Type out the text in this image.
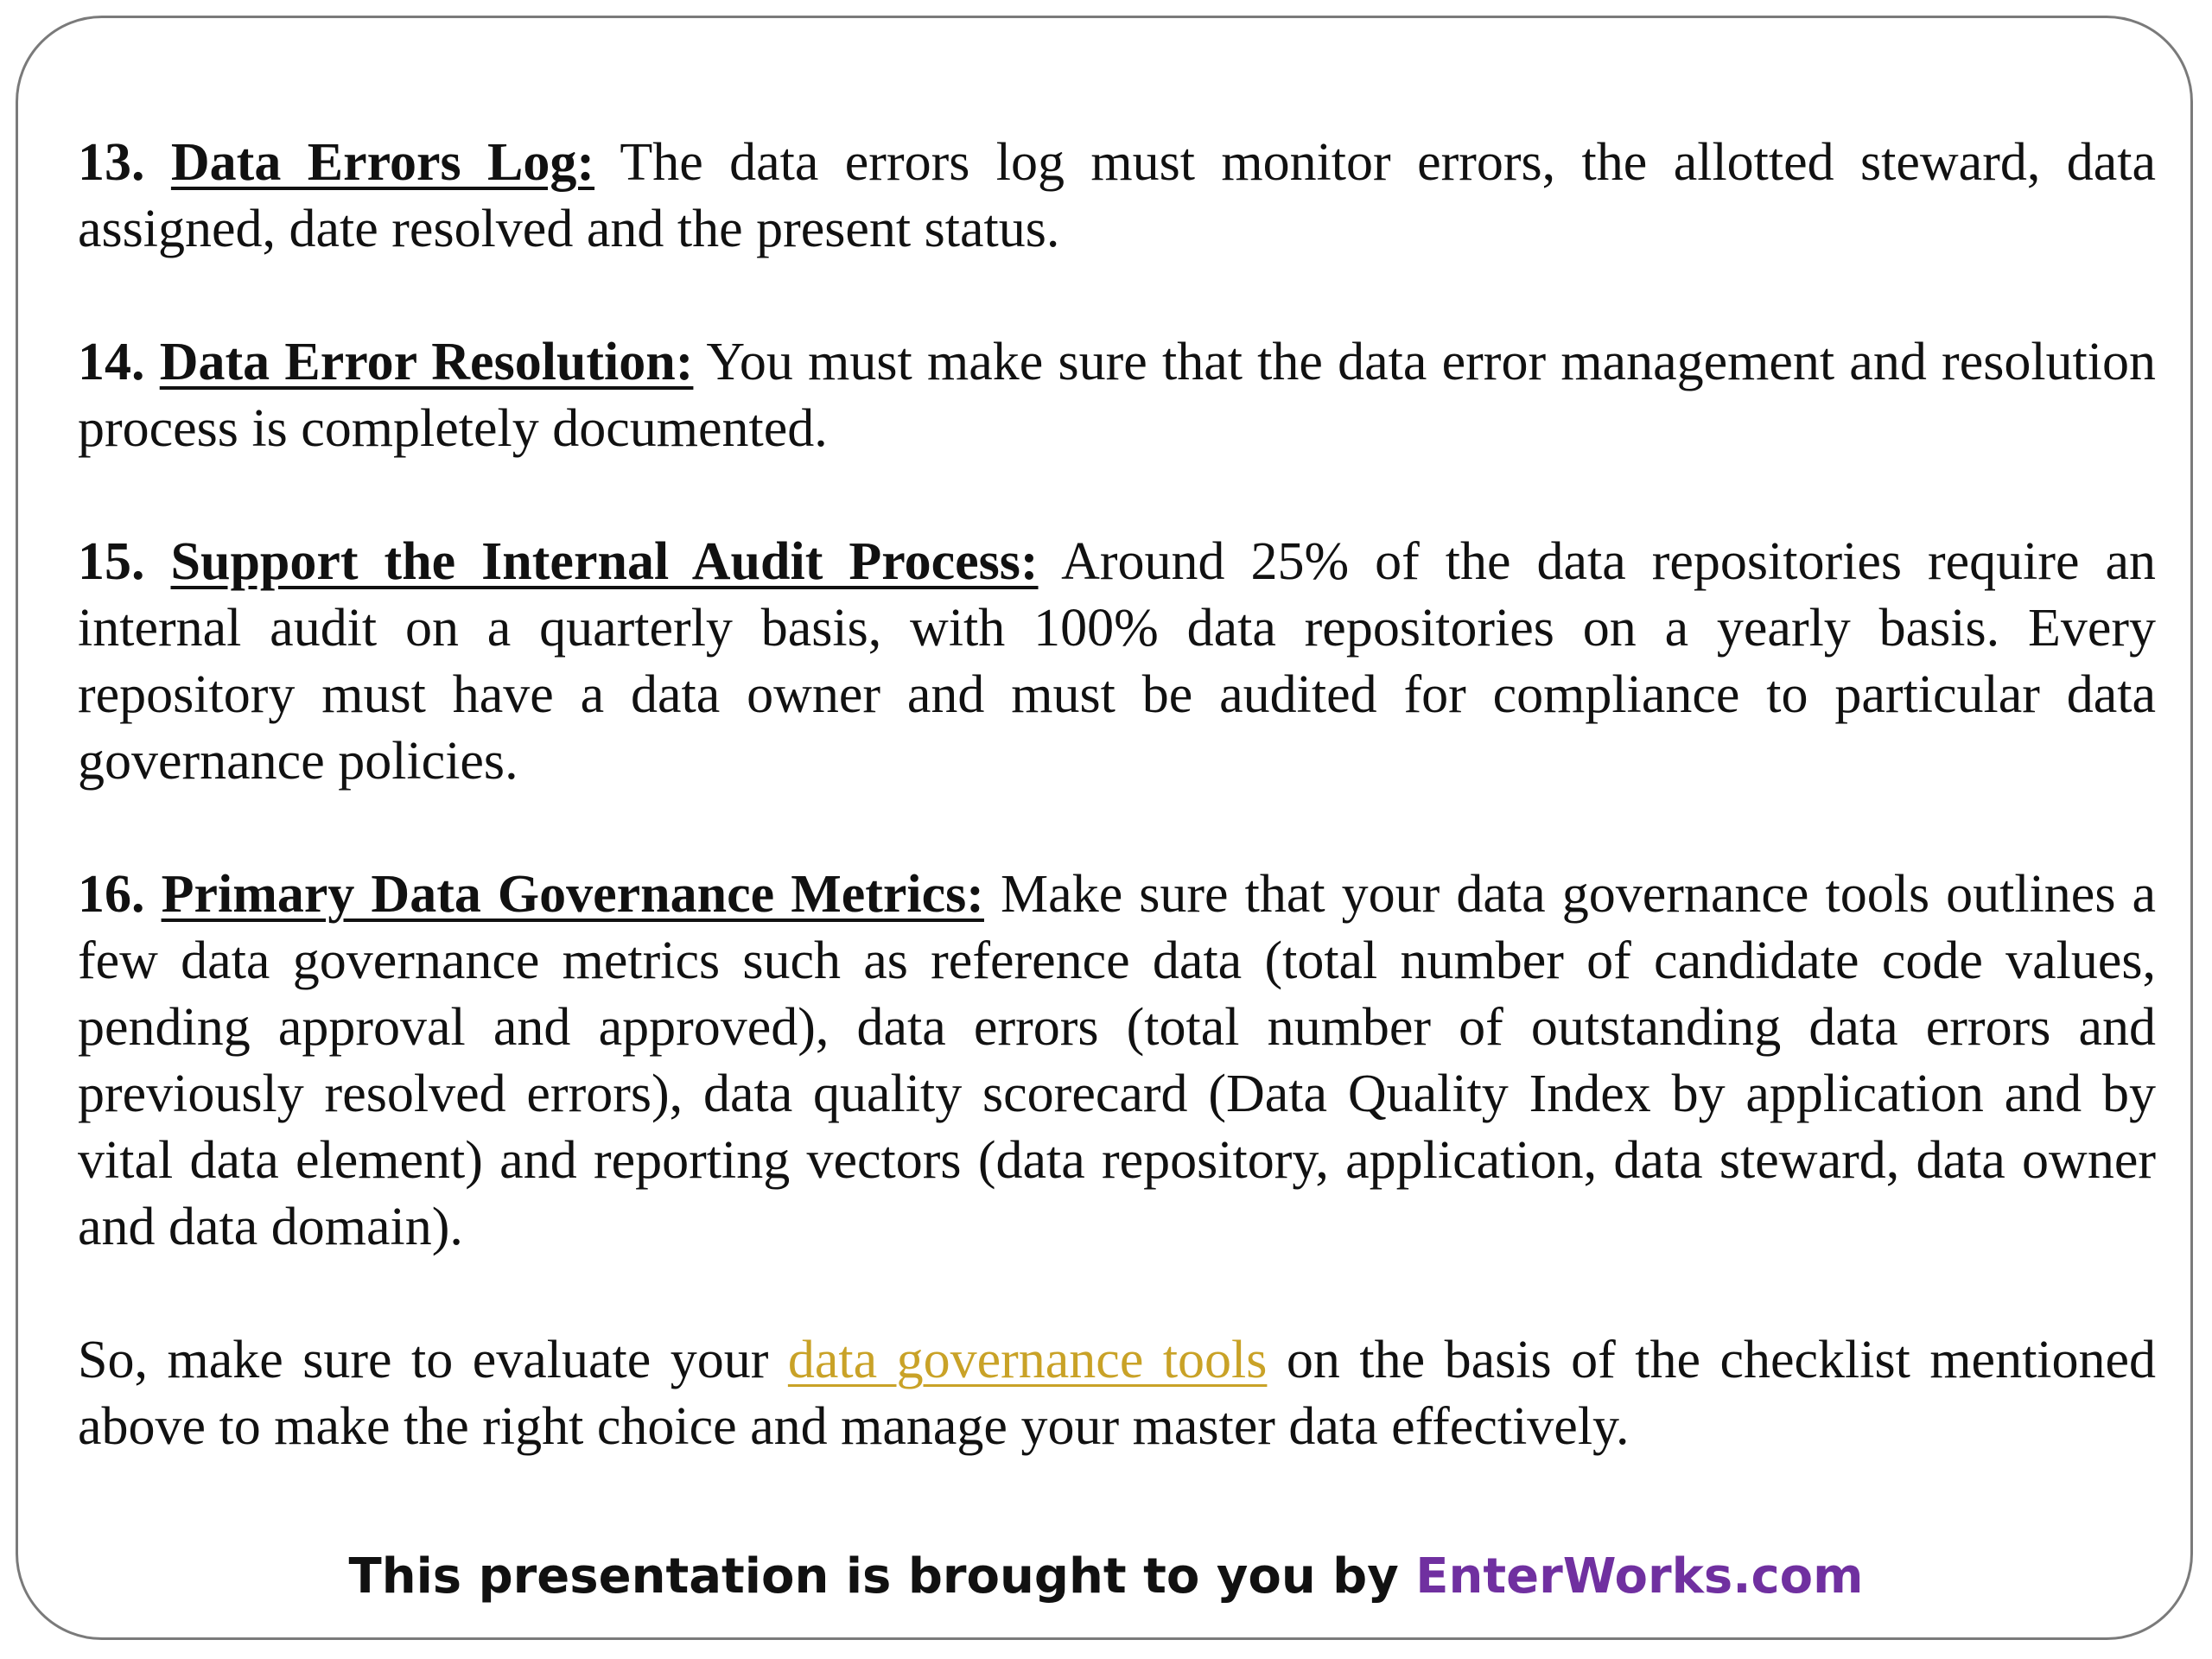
13. Data Errors Log: The data errors log must monitor errors, the allotted steward, data assigned, date resolved and the present status.

14. Data Error Resolution: You must make sure that the data error management and resolution process is completely documented.

15. Support the Internal Audit Process: Around 25% of the data repositories require an internal audit on a quarterly basis, with 100% data repositories on a yearly basis. Every repository must have a data owner and must be audited for compliance to particular data governance policies.

16. Primary Data Governance Metrics: Make sure that your data governance tools outlines a few data governance metrics such as reference data (total number of candidate code values, pending approval and approved), data errors (total number of outstanding data errors and previously resolved errors), data quality scorecard (Data Quality Index by application and by vital data element) and reporting vectors (data repository, application, data steward, data owner and data domain).

So, make sure to evaluate your data governance tools on the basis of the checklist mentioned above to make the right choice and manage your master data effectively.

This presentation is brought to you by EnterWorks.com
